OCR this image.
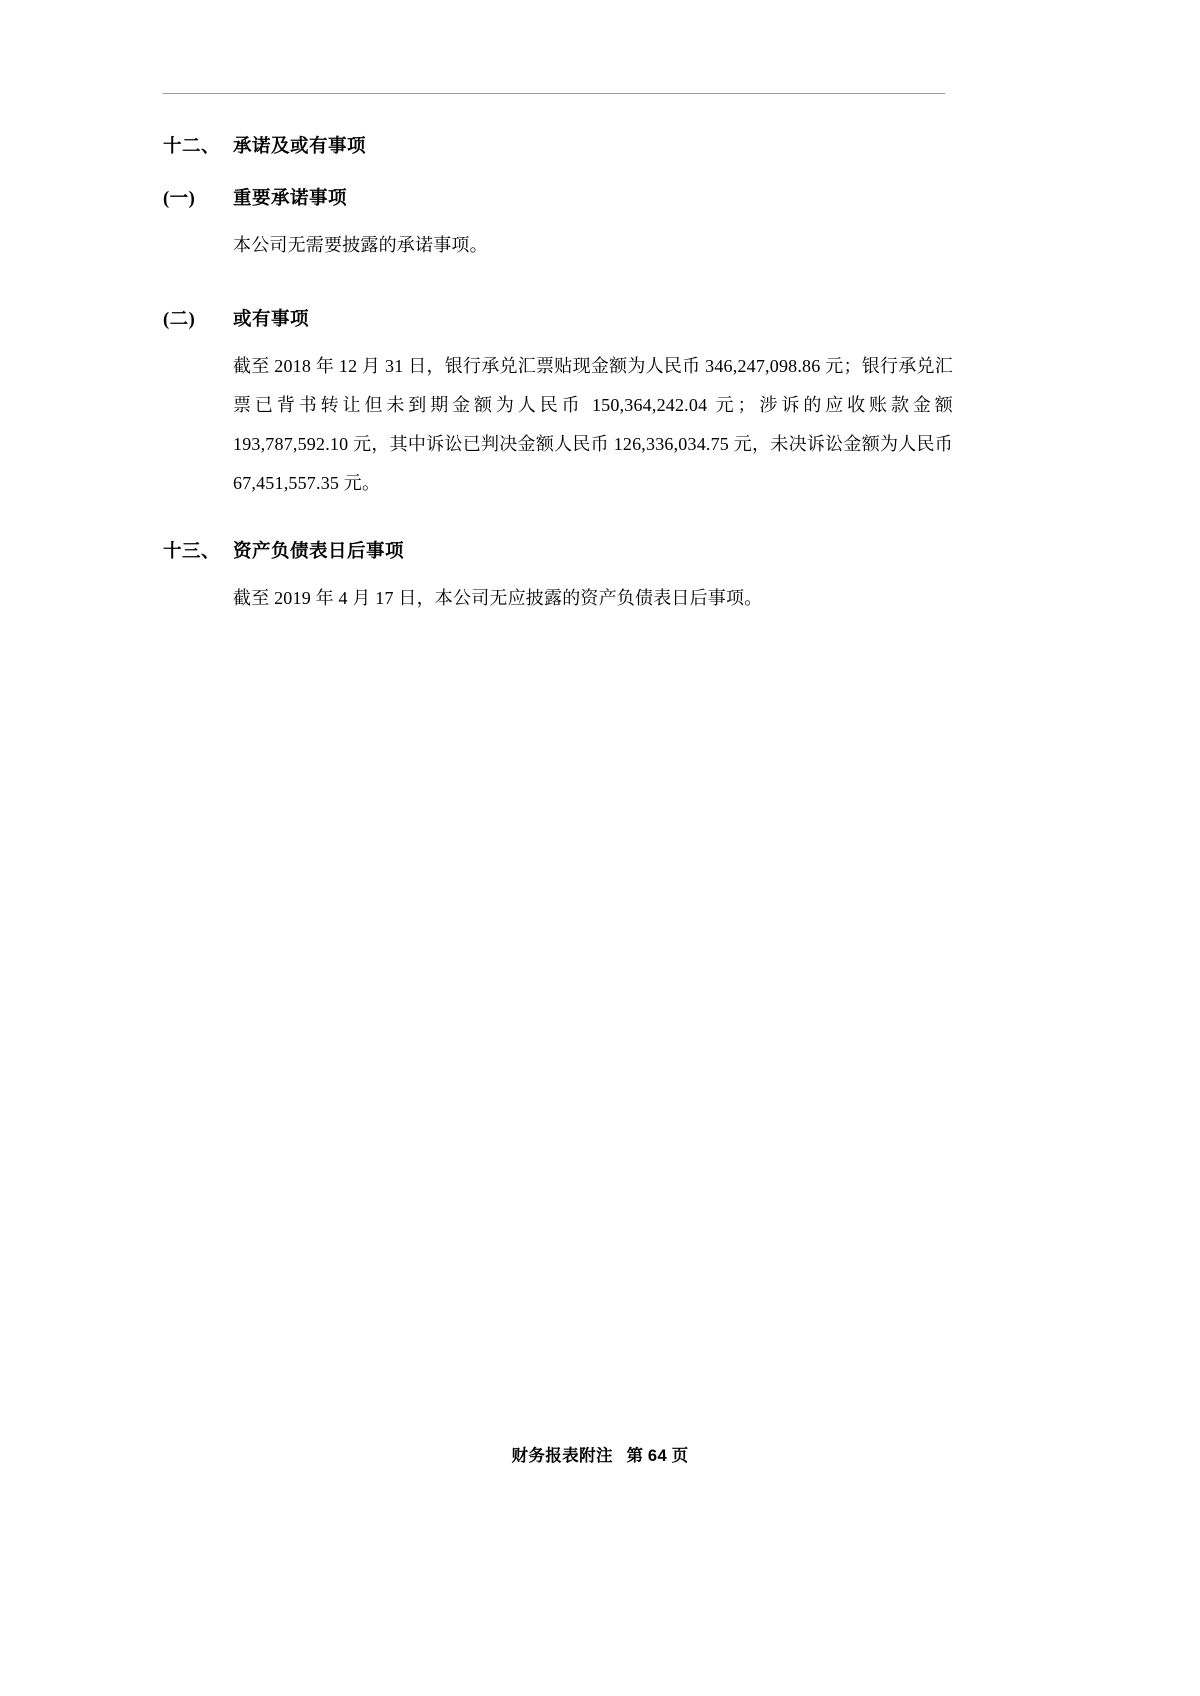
十二、 承诺及或有事项
(一)	重要承诺事项
本公司无需要披露的承诺事项。
(二)	或有事项
截至 2018 年 12 月 31 日，银行承兑汇票贴现金额为人民币 346,247,098.86 元；银行承兑汇票已背书转让但未到期金额为人民币 150,364,242.04 元；涉诉的应收账款金额 193,787,592.10 元，其中诉讼已判决金额人民币 126,336,034.75 元，未决诉讼金额为人民币 67,451,557.35 元。
十三、 资产负债表日后事项
截至 2019 年 4 月 17 日，本公司无应披露的资产负债表日后事项。
财务报表附注 第 64 页
